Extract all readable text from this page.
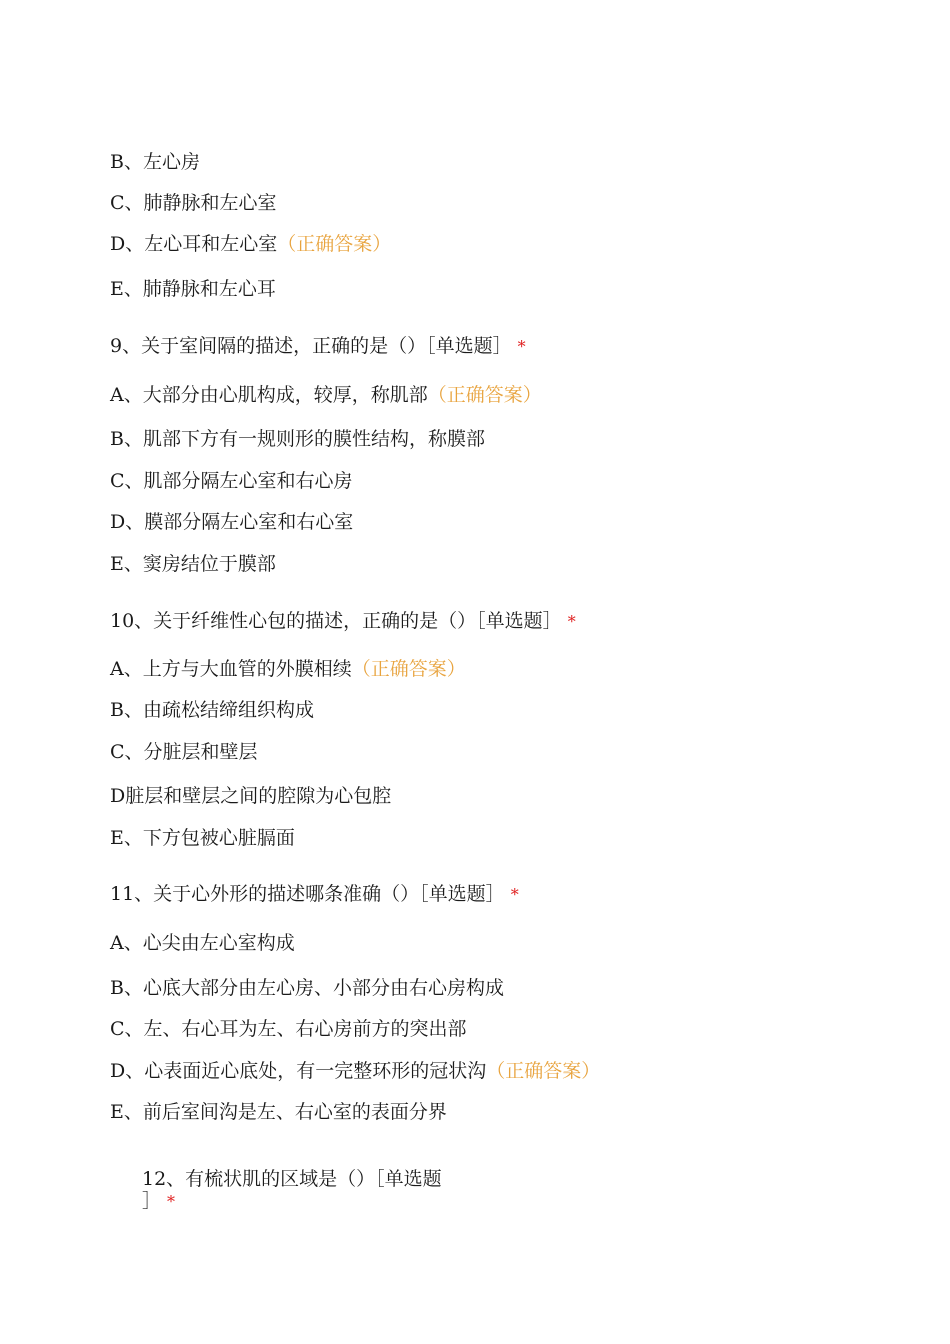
B、左心房
C、肺静脉和左心室
D、左心耳和左心室（正确答案）
E、肺静脉和左心耳
9、关于室间隔的描述，正确的是（）［单选题］ *
A、大部分由心肌构成，较厚，称肌部（正确答案）
B、肌部下方有一规则形的膜性结构，称膜部
C、肌部分隔左心室和右心房
D、膜部分隔左心室和右心室
E、窦房结位于膜部
10、关于纤维性心包的描述，正确的是（）［单选题］ *
A、上方与大血管的外膜相续（正确答案）
B、由疏松结缔组织构成
C、分脏层和壁层
D脏层和壁层之间的腔隙为心包腔
E、下方包被心脏膈面
11、关于心外形的描述哪条准确（）［单选题］ *
A、心尖由左心室构成
B、心底大部分由左心房、小部分由右心房构成
C、左、右心耳为左、右心房前方的突出部
D、心表面近心底处，有一完整环形的冠状沟（正确答案）
E、前后室间沟是左、右心室的表面分界
12、有梳状肌的区域是（）［单选题
］ *
